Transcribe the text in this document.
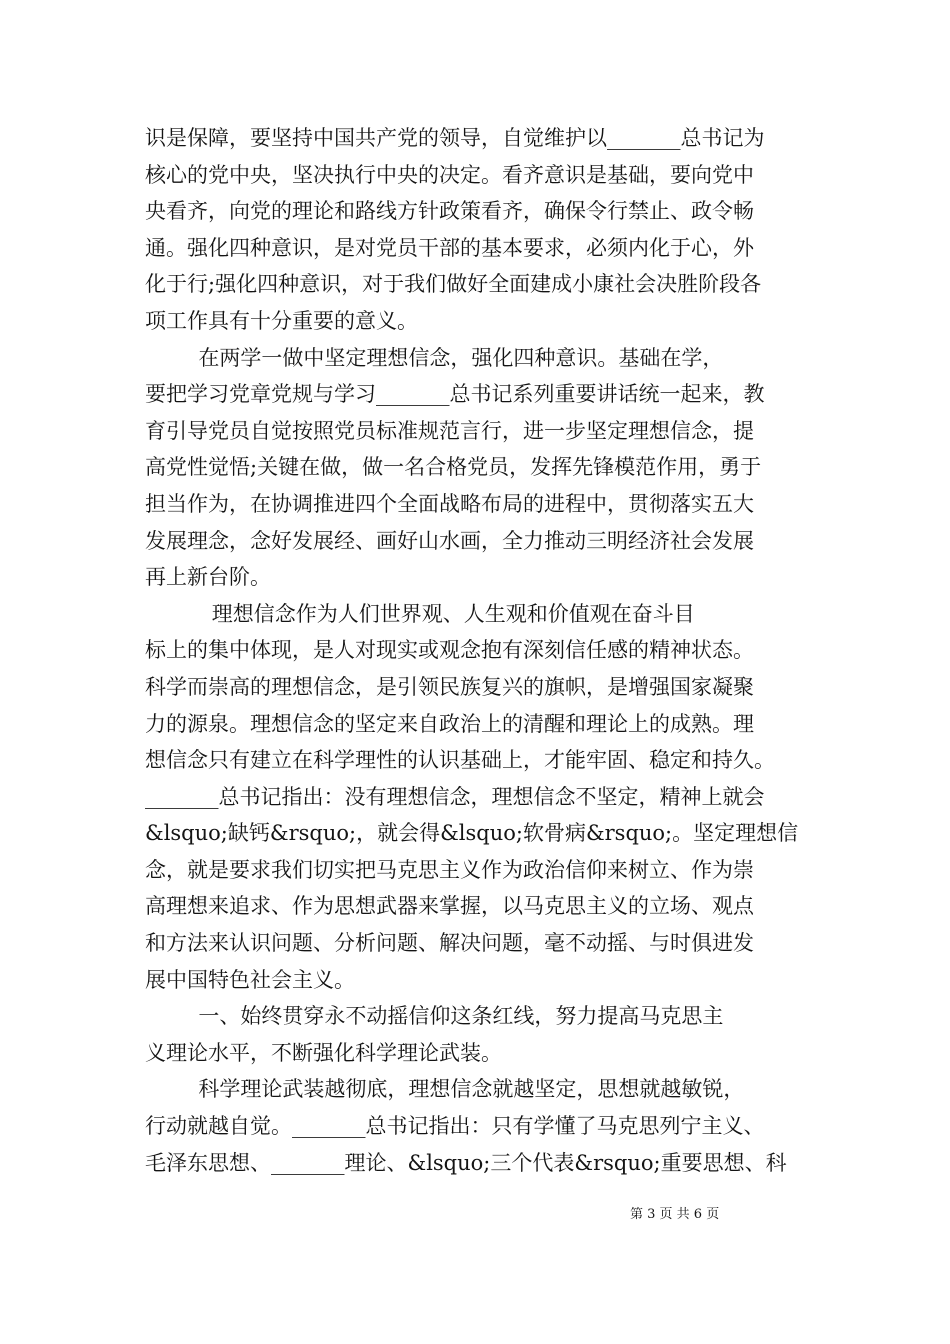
识是保障，要坚持中国共产党的领导，自觉维护以_______总书记为
核心的党中央，坚决执行中央的决定。看齐意识是基础，要向党中
央看齐，向党的理论和路线方针政策看齐，确保令行禁止、政令畅
通。强化四种意识，是对党员干部的基本要求，必须内化于心，外
化于行;强化四种意识，对于我们做好全面建成小康社会决胜阶段各
项工作具有十分重要的意义。
在两学一做中坚定理想信念，强化四种意识。基础在学，
要把学习党章党规与学习_______总书记系列重要讲话统一起来，教
育引导党员自觉按照党员标准规范言行，进一步坚定理想信念，提
高党性觉悟;关键在做，做一名合格党员，发挥先锋模范作用，勇于
担当作为，在协调推进四个全面战略布局的进程中，贯彻落实五大
发展理念，念好发展经、画好山水画，全力推动三明经济社会发展
再上新台阶。
理想信念作为人们世界观、人生观和价值观在奋斗目
标上的集中体现，是人对现实或观念抱有深刻信任感的精神状态。
科学而崇高的理想信念，是引领民族复兴的旗帜，是增强国家凝聚
力的源泉。理想信念的坚定来自政治上的清醒和理论上的成熟。理
想信念只有建立在科学理性的认识基础上，才能牢固、稳定和持久。
_______总书记指出：没有理想信念，理想信念不坚定，精神上就会
&lsquo;缺钙&rsquo;，就会得&lsquo;软骨病&rsquo;。坚定理想信
念，就是要求我们切实把马克思主义作为政治信仰来树立、作为崇
高理想来追求、作为思想武器来掌握，以马克思主义的立场、观点
和方法来认识问题、分析问题、解决问题，毫不动摇、与时俱进发
展中国特色社会主义。
一、始终贯穿永不动摇信仰这条红线，努力提高马克思主
义理论水平，不断强化科学理论武装。
科学理论武装越彻底，理想信念就越坚定，思想就越敏锐，
行动就越自觉。_______总书记指出：只有学懂了马克思列宁主义、
毛泽东思想、_______理论、&lsquo;三个代表&rsquo;重要思想、科
第 3 页 共 6 页
